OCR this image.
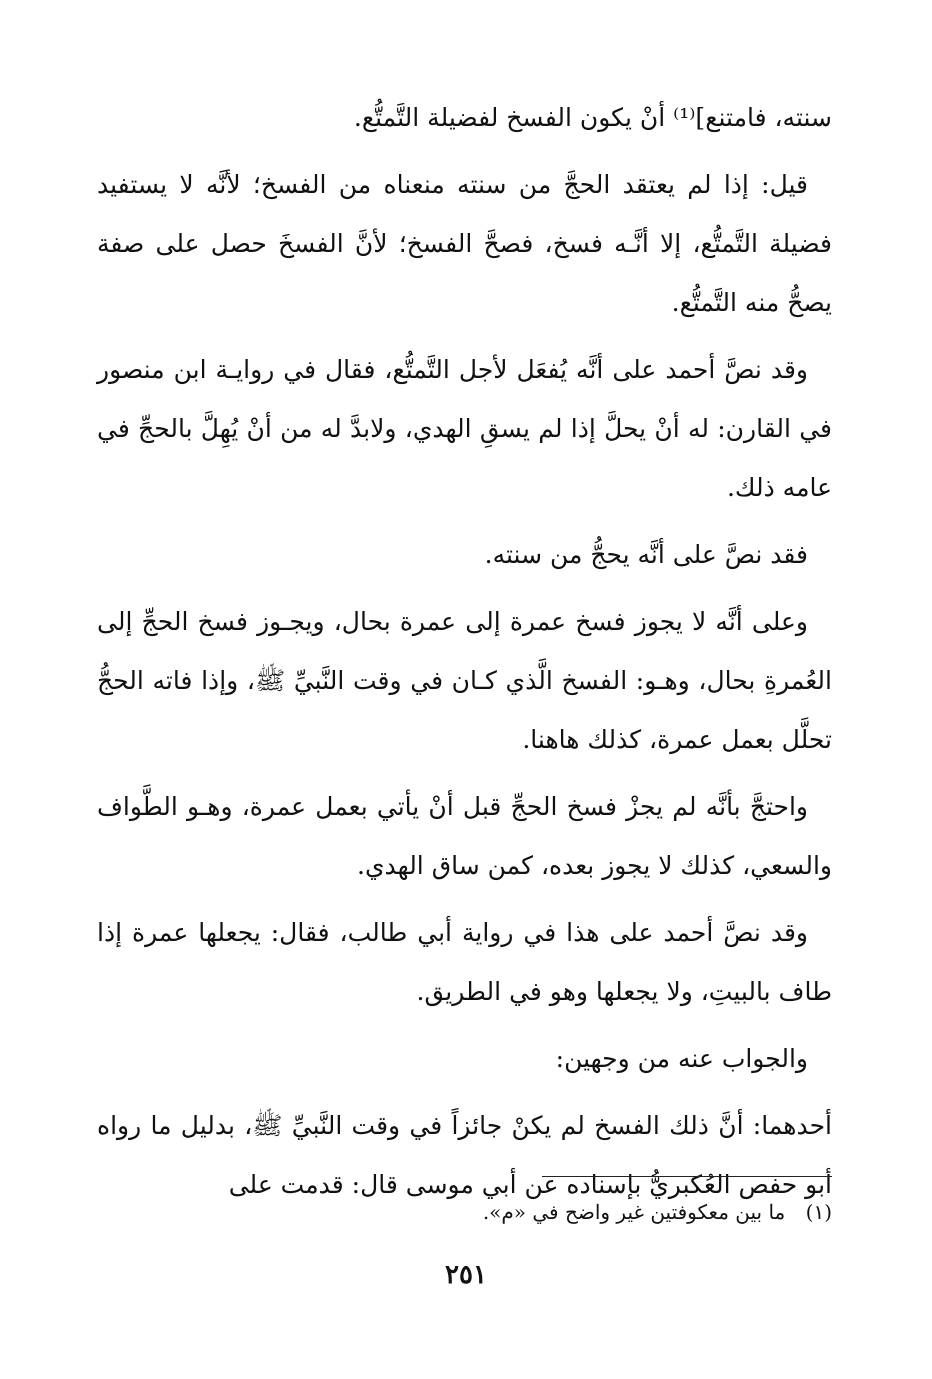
سنته، فامتنع]⁽¹⁾ أنْ يكون الفسخ لفضيلة التَّمتُّع.

قيل: إذا لم يعتقد الحجَّ من سنته منعناه من الفسخ؛ لأنَّه لا يستفيد فضيلة التَّمتُّع، إلا أنَّـه فسخ، فصحَّ الفسخ؛ لأنَّ الفسخَ حصل على صفة يصحُّ منه التَّمتُّع.

وقد نصَّ أحمد على أنَّه يُفعَل لأجل التَّمتُّع، فقال في روايـة ابن منصور في القارن: له أنْ يحلَّ إذا لم يسقِ الهدي، ولابدَّ له من أنْ يُهِلَّ بالحجِّ في عامه ذلك.

فقد نصَّ على أنَّه يحجُّ من سنته.

وعلى أنَّه لا يجوز فسخ عمرة إلى عمرة بحال، ويجـوز فسخ الحجِّ إلى العُمرةِ بحال، وهـو: الفسخ الَّذي كـان في وقت النَّبيِّ ﷺ، وإذا فاته الحجُّ تحلَّل بعمل عمرة، كذلك هاهنا.

واحتجَّ بأنَّه لم يجزْ فسخ الحجِّ قبل أنْ يأتي بعمل عمرة، وهـو الطَّواف والسعي، كذلك لا يجوز بعده، كمن ساق الهدي.

وقد نصَّ أحمد على هذا في رواية أبي طالب، فقال: يجعلها عمرة إذا طاف بالبيتِ، ولا يجعلها وهو في الطريق.

والجواب عنه من وجهين:

أحدهما: أنَّ ذلك الفسخ لم يكنْ جائزاً في وقت النَّبيِّ ﷺ، بدليل ما رواه أبو حفص العُكبريُّ بإسناده عن أبي موسى قال: قدمت على

(١) ما بين معكوفتين غير واضح في «م».
٢٥١
